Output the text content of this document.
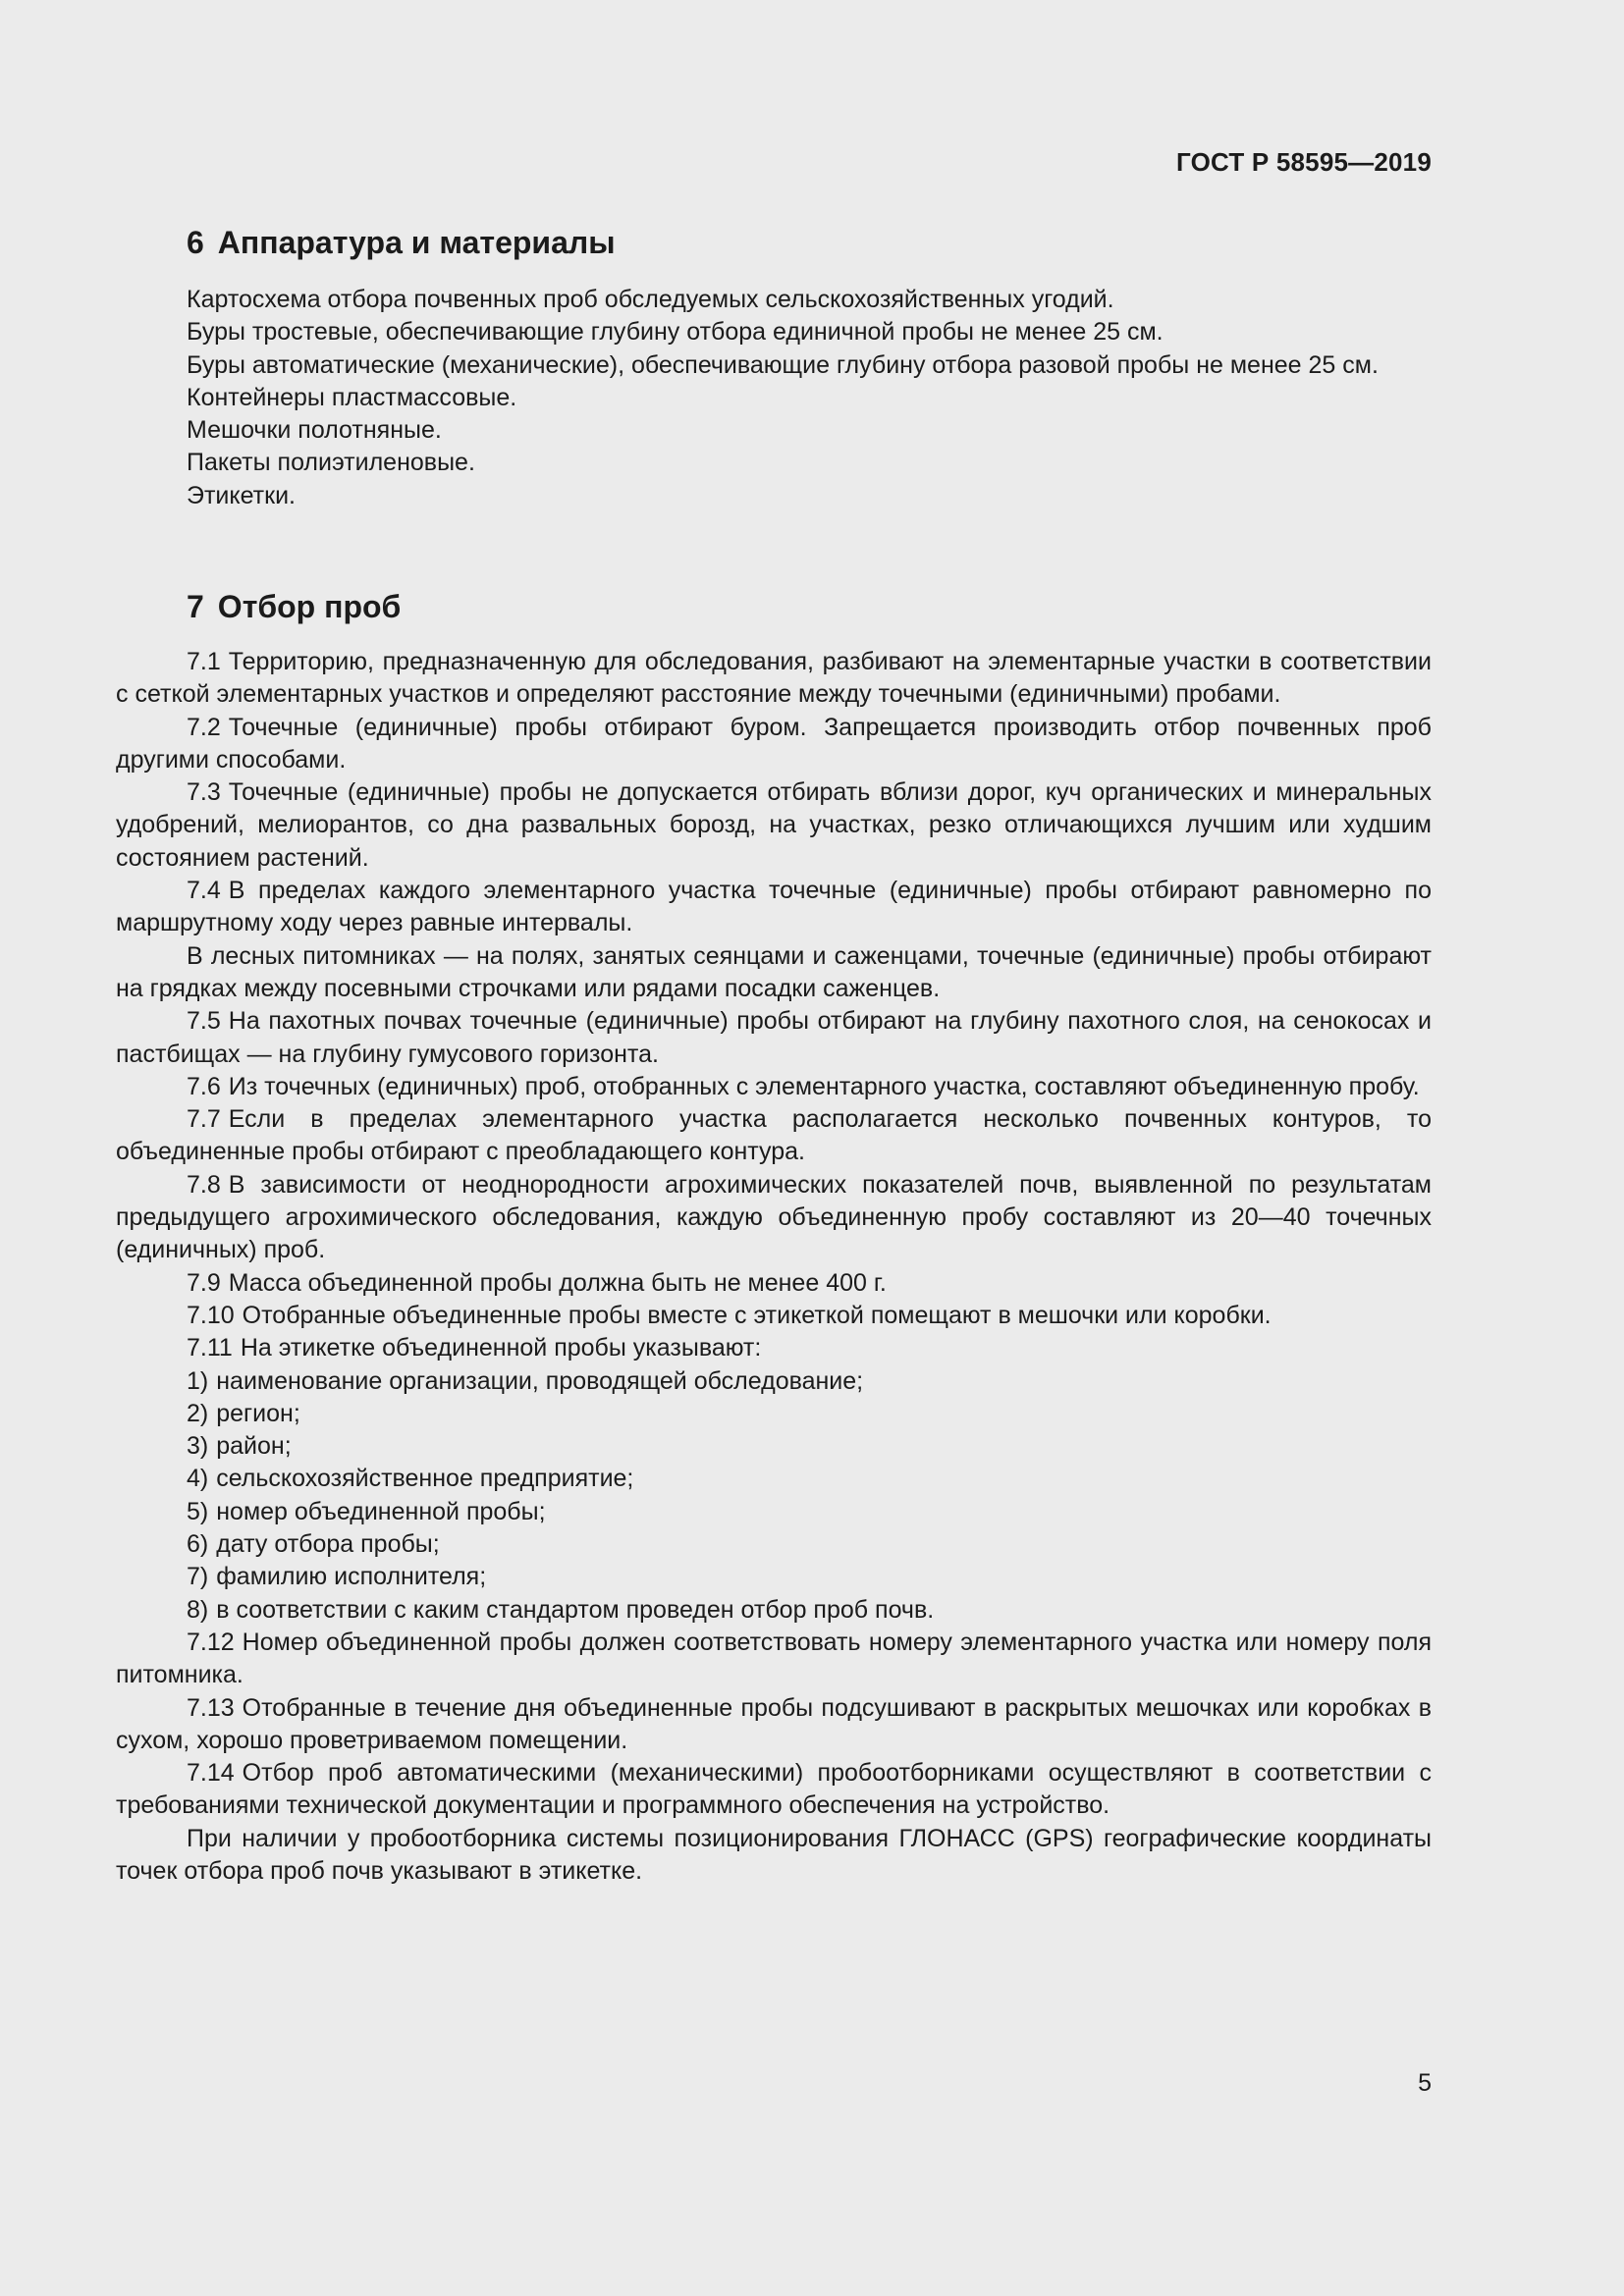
ГОСТ Р 58595—2019
6 Аппаратура и материалы

Картосхема отбора почвенных проб обследуемых сельскохозяйственных угодий.

Буры тростевые, обеспечивающие глубину отбора единичной пробы не менее 25 см.

Буры автоматические (механические), обеспечивающие глубину отбора разовой пробы не менее 25 см.

Контейнеры пластмассовые.

Мешочки полотняные.

Пакеты полиэтиленовые.

Этикетки.

7 Отбор проб

7.1 Территорию, предназначенную для обследования, разбивают на элементарные участки в соответствии с сеткой элементарных участков и определяют расстояние между точечными (единичными) пробами.

7.2 Точечные (единичные) пробы отбирают буром. Запрещается производить отбор почвенных проб другими способами.

7.3 Точечные (единичные) пробы не допускается отбирать вблизи дорог, куч органических и минеральных удобрений, мелиорантов, со дна развальных борозд, на участках, резко отличающихся лучшим или худшим состоянием растений.

7.4 В пределах каждого элементарного участка точечные (единичные) пробы отбирают равномерно по маршрутному ходу через равные интервалы.

В лесных питомниках — на полях, занятых сеянцами и саженцами, точечные (единичные) пробы отбирают на грядках между посевными строчками или рядами посадки саженцев.

7.5 На пахотных почвах точечные (единичные) пробы отбирают на глубину пахотного слоя, на сенокосах и пастбищах — на глубину гумусового горизонта.

7.6 Из точечных (единичных) проб, отобранных с элементарного участка, составляют объединенную пробу.

7.7 Если в пределах элементарного участка располагается несколько почвенных контуров, то объединенные пробы отбирают с преобладающего контура.

7.8 В зависимости от неоднородности агрохимических показателей почв, выявленной по результатам предыдущего агрохимического обследования, каждую объединенную пробу составляют из 20—40 точечных (единичных) проб.

7.9 Масса объединенной пробы должна быть не менее 400 г.

7.10 Отобранные объединенные пробы вместе с этикеткой помещают в мешочки или коробки.

7.11 На этикетке объединенной пробы указывают:

1) наименование организации, проводящей обследование;

2) регион;

3) район;

4) сельскохозяйственное предприятие;

5) номер объединенной пробы;

6) дату отбора пробы;

7) фамилию исполнителя;

8) в соответствии с каким стандартом проведен отбор проб почв.

7.12 Номер объединенной пробы должен соответствовать номеру элементарного участка или номеру поля питомника.

7.13 Отобранные в течение дня объединенные пробы подсушивают в раскрытых мешочках или коробках в сухом, хорошо проветриваемом помещении.

7.14 Отбор проб автоматическими (механическими) пробоотборниками осуществляют в соответствии с требованиями технической документации и программного обеспечения на устройство.

При наличии у пробоотборника системы позиционирования ГЛОНАСС (GPS) географические координаты точек отбора проб почв указывают в этикетке.

5
